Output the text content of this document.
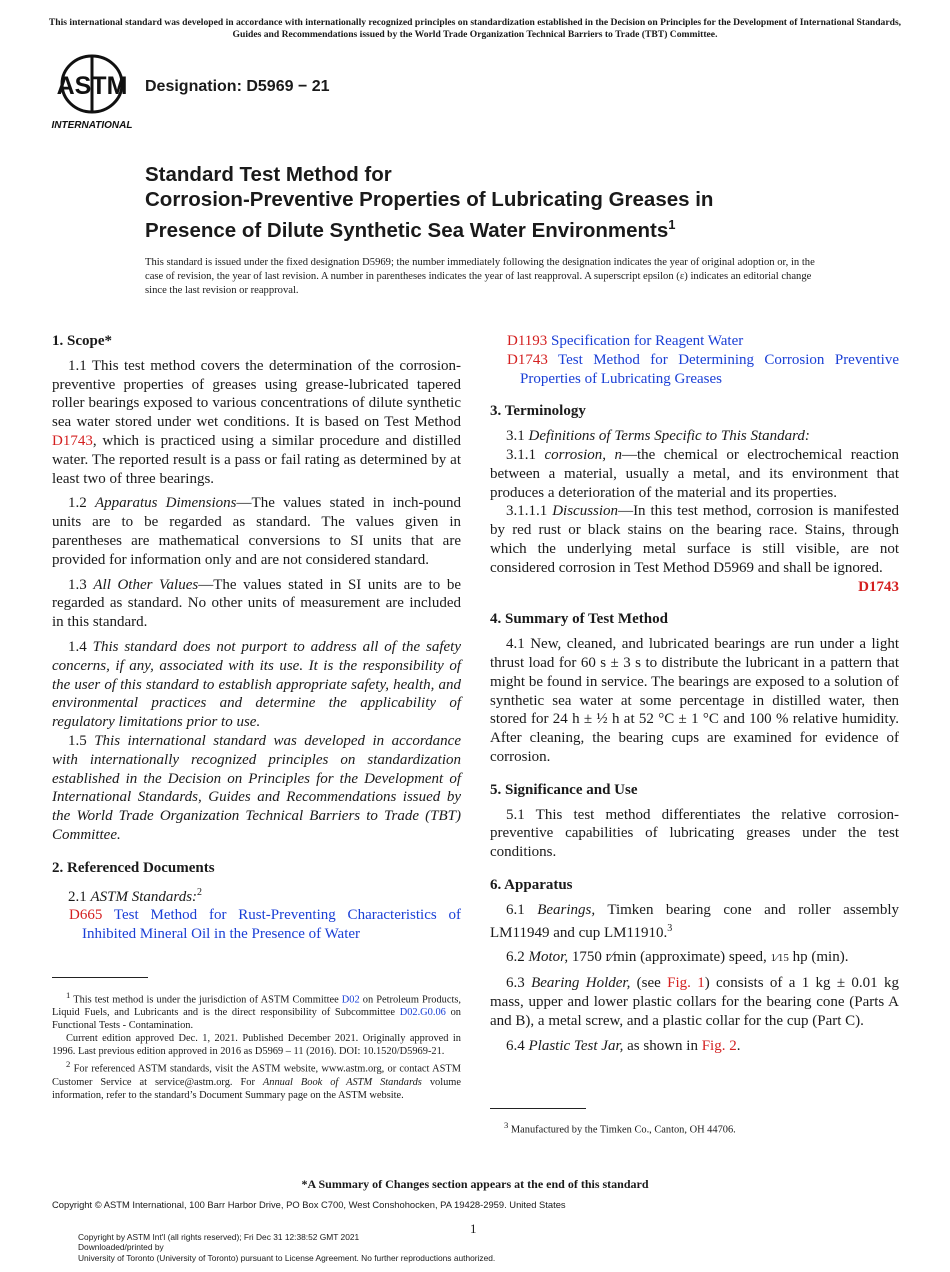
This international standard was developed in accordance with internationally recognized principles on standardization established in the Decision on Principles for the Development of International Standards, Guides and Recommendations issued by the World Trade Organization Technical Barriers to Trade (TBT) Committee.
ASTM
INTERNATIONAL
Designation: D5969 − 21
Standard Test Method for
Corrosion-Preventive Properties of Lubricating Greases in
Presence of Dilute Synthetic Sea Water Environments$^1$
This standard is issued under the fixed designation D5969; the number immediately following the designation indicates the year of original adoption or, in the case of revision, the year of last revision. A number in parentheses indicates the year of last reapproval. A superscript epsilon (ε) indicates an editorial change since the last revision or reapproval.
1. Scope*

1.1 This test method covers the determination of the corrosion-preventive properties of greases using grease-lubricated tapered roller bearings exposed to various concentrations of dilute synthetic sea water stored under wet conditions. It is based on Test Method D1743, which is practiced using a similar procedure and distilled water. The reported result is a pass or fail rating as determined by at least two of three bearings.

1.2 Apparatus Dimensions—The values stated in inch-pound units are to be regarded as standard. The values given in parentheses are mathematical conversions to SI units that are provided for information only and are not considered standard.

1.3 All Other Values—The values stated in SI units are to be regarded as standard. No other units of measurement are included in this standard.

1.4 This standard does not purport to address all of the safety concerns, if any, associated with its use. It is the responsibility of the user of this standard to establish appropriate safety, health, and environmental practices and determine the applicability of regulatory limitations prior to use.

1.5 This international standard was developed in accordance with internationally recognized principles on standardization established in the Decision on Principles for the Development of International Standards, Guides and Recommendations issued by the World Trade Organization Technical Barriers to Trade (TBT) Committee.

2. Referenced Documents

2.1 ASTM Standards:$^2$

D665 Test Method for Rust-Preventing Characteristics of Inhibited Mineral Oil in the Presence of Water

$^1$ This test method is under the jurisdiction of ASTM Committee D02 on Petroleum Products, Liquid Fuels, and Lubricants and is the direct responsibility of Subcommittee D02.G0.06 on Functional Tests - Contamination.

Current edition approved Dec. 1, 2021. Published December 2021. Originally approved in 1996. Last previous edition approved in 2016 as D5969 – 11 (2016). DOI: 10.1520/D5969-21.

$^2$ For referenced ASTM standards, visit the ASTM website, www.astm.org, or contact ASTM Customer Service at service@astm.org. For Annual Book of ASTM Standards volume information, refer to the standard’s Document Summary page on the ASTM website.

D1193 Specification for Reagent Water

D1743 Test Method for Determining Corrosion Preventive Properties of Lubricating Greases

3. Terminology

3.1 Definitions of Terms Specific to This Standard:

3.1.1 corrosion, n—the chemical or electrochemical reaction between a material, usually a metal, and its environment that produces a deterioration of the material and its properties.

3.1.1.1 Discussion—In this test method, corrosion is manifested by red rust or black stains on the bearing race. Stains, through which the underlying metal surface is still visible, are not considered corrosion in Test Method D5969 and shall be ignored.
D1743

4. Summary of Test Method

4.1 New, cleaned, and lubricated bearings are run under a light thrust load for 60 s ± 3 s to distribute the lubricant in a pattern that might be found in service. The bearings are exposed to a solution of synthetic sea water at some percentage in distilled water, then stored for 24 h ± ½ h at 52 °C ± 1 °C and 100 % relative humidity. After cleaning, the bearing cups are examined for evidence of corrosion.

5. Significance and Use

5.1 This test method differentiates the relative corrosion-preventive capabilities of lubricating greases under the test conditions.

6. Apparatus

6.1 Bearings, Timken bearing cone and roller assembly LM11949 and cup LM11910.$^3$

6.2 Motor, 1750 r⁄min (approximate) speed, 1⁄15 hp (min).

6.3 Bearing Holder, (see Fig. 1) consists of a 1 kg ± 0.01 kg mass, upper and lower plastic collars for the bearing cone (Parts A and B), a metal screw, and a plastic collar for the cup (Part C).

6.4 Plastic Test Jar, as shown in Fig. 2.

$^3$ Manufactured by the Timken Co., Canton, OH 44706.

*A Summary of Changes section appears at the end of this standard
Copyright © ASTM International, 100 Barr Harbor Drive, PO Box C700, West Conshohocken, PA 19428-2959. United States
1
Copyright by ASTM Int'l (all rights reserved); Fri Dec 31 12:38:52 GMT 2021
Downloaded/printed by
University of Toronto (University of Toronto) pursuant to License Agreement. No further reproductions authorized.
